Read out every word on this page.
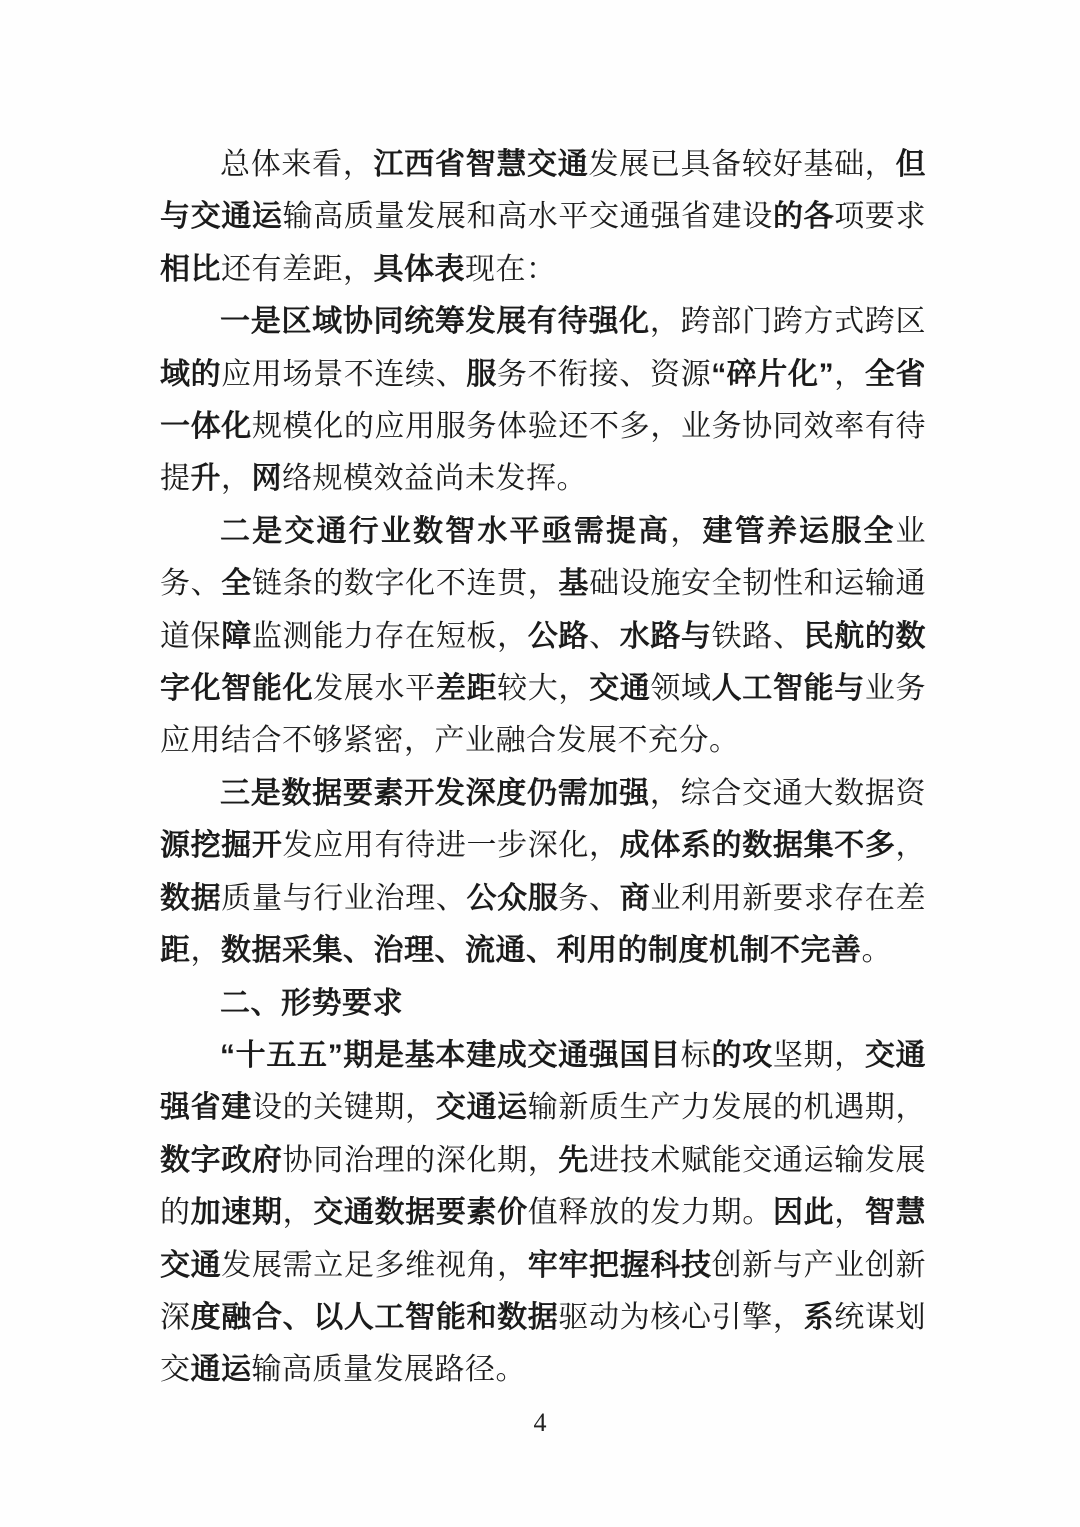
总体来看，江西省智慧交通发展已具备较好基础，但与交通运输高质量发展和高水平交通强省建设的各项要求相比还有差距，具体表现在：

一是区域协同统筹发展有待强化，跨部门跨方式跨区域的应用场景不连续、服务不衔接、资源“碎片化”，全省一体化规模化的应用服务体验还不多，业务协同效率有待提升，网络规模效益尚未发挥。

二是交通行业数智水平亟需提高，建管养运服全业务、全链条的数字化不连贯，基础设施安全韧性和运输通道保障监测能力存在短板，公路、水路与铁路、民航的数字化智能化发展水平差距较大，交通领域人工智能与业务应用结合不够紧密，产业融合发展不充分。

三是数据要素开发深度仍需加强，综合交通大数据资源挖掘开发应用有待进一步深化，成体系的数据集不多，数据质量与行业治理、公众服务、商业利用新要求存在差距，数据采集、治理、流通、利用的制度机制不完善。

二、形势要求

“十五五”期是基本建成交通强国目标的攻坚期，交通强省建设的关键期，交通运输新质生产力发展的机遇期，数字政府协同治理的深化期，先进技术赋能交通运输发展的加速期，交通数据要素价值释放的发力期。因此，智慧交通发展需立足多维视角，牢牢把握科技创新与产业创新深度融合、以人工智能和数据驱动为核心引擎，系统谋划交通运输高质量发展路径。

4
